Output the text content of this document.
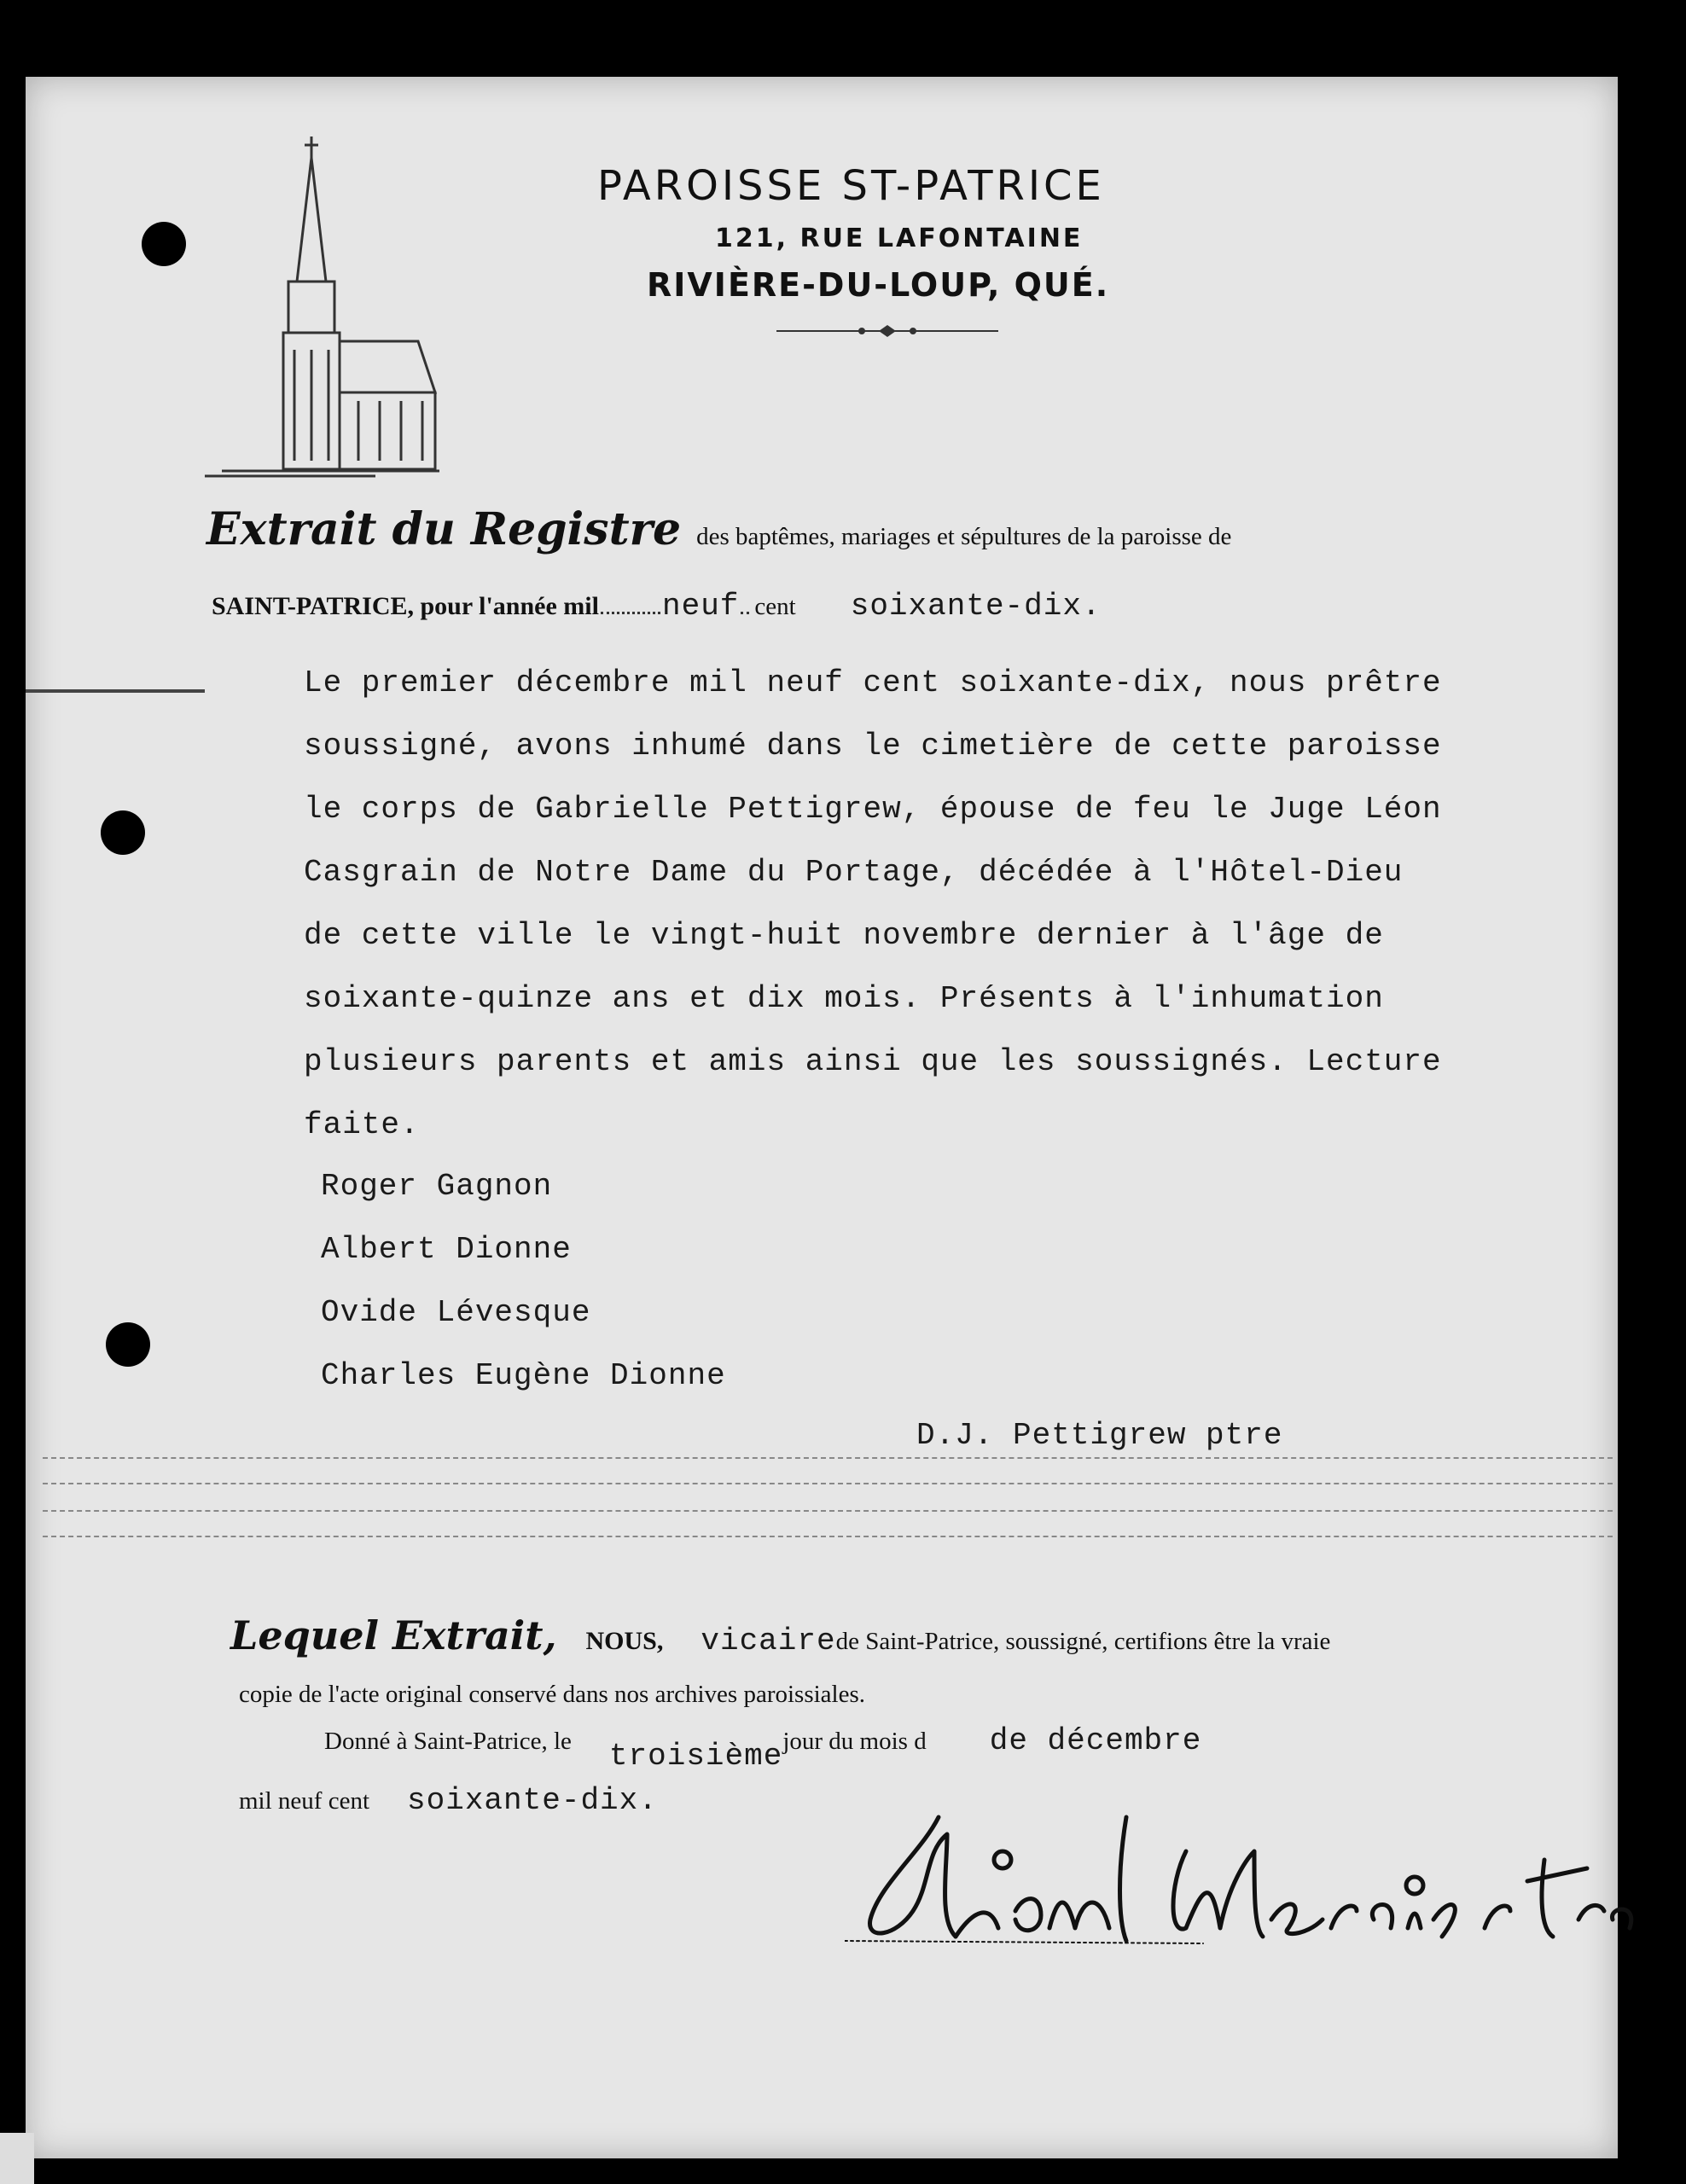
PAROISSE ST-PATRICE
121, RUE LAFONTAINE
RIVIÈRE-DU-LOUP, QUÉ.
Extrait du Registre des baptêmes, mariages et sépultures de la paroisse de
SAINT-PATRICE, pour l'année mil neuf cent soixante-dix.
Le premier décembre mil neuf cent soixante-dix, nous prêtre
soussigné, avons inhumé dans le cimetière de cette paroisse
le corps de Gabrielle Pettigrew, épouse de feu le Juge Léon
Casgrain de Notre Dame du Portage, décédée à l'Hôtel-Dieu
de cette ville le vingt-huit novembre dernier à l'âge de
soixante-quinze ans et dix mois. Présents à l'inhumation
plusieurs parents et amis ainsi que les soussignés. Lecture
faite.
Roger Gagnon
Albert Dionne
Ovide Lévesque
Charles Eugène Dionne
D.J. Pettigrew ptre
Lequel Extrait, NOUS, vicairede Saint-Patrice, soussigné, certifions être la vraie
copie de l'acte original conservé dans nos archives paroissiales.
Donné à Saint-Patrice, le troisièmejour du mois d de décembre
mil neuf cent soixante-dix.
